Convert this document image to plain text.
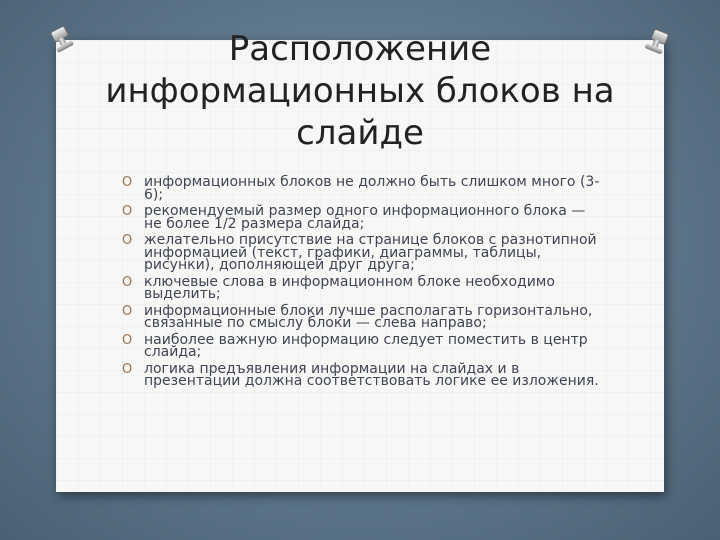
Расположение информационных блоков на слайде
O информационных блоков не должно быть слишком много (3-6);
O рекомендуемый размер одного информационного блока — не более 1/2 размера слайда;
O желательно присутствие на странице блоков с разнотипной информацией (текст, графики, диаграммы, таблицы, рисунки), дополняющей друг друга;
O ключевые слова в информационном блоке необходимо выделить;
O информационные блоки лучше располагать горизонтально, связанные по смыслу блоки — слева направо;
O наиболее важную информацию следует поместить в центр слайда;
O логика предъявления информации на слайдах и в презентации должна соответствовать логике ее изложения.
